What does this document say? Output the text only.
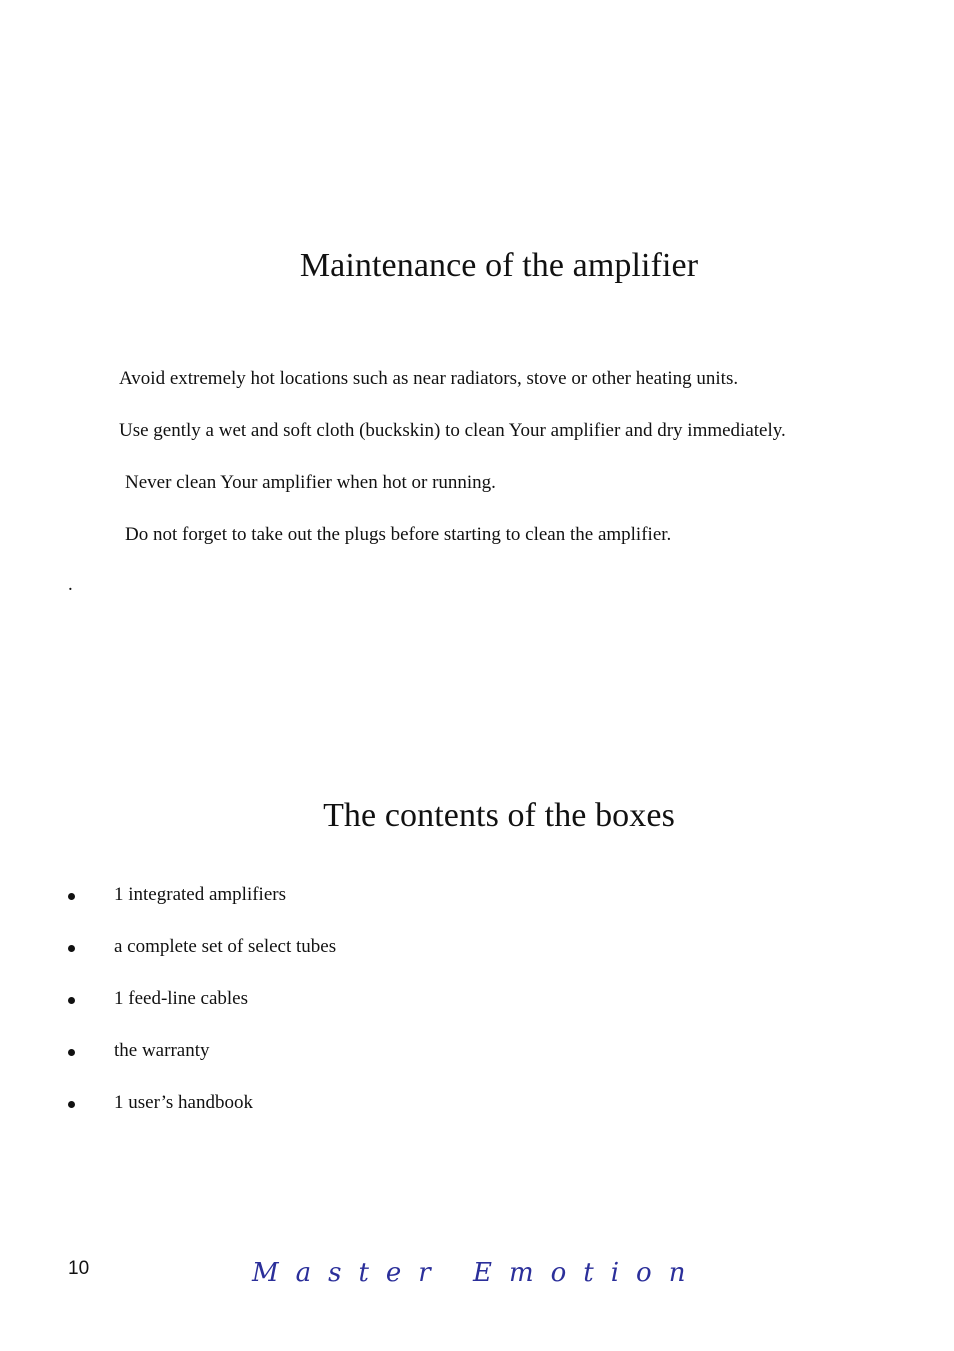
Maintenance of the amplifier

Avoid extremely hot locations such as near radiators, stove or other heating units.

Use gently a wet and soft cloth (buckskin) to clean Your amplifier and dry immediately.

Never clean Your amplifier when hot or running.

Do not forget to take out the plugs before starting to clean the amplifier.

.
The contents of the boxes
1 integrated amplifiers
a complete set of select tubes
1 feed-line cables
the warranty
1 user’s handbook
10	Master Emotion
